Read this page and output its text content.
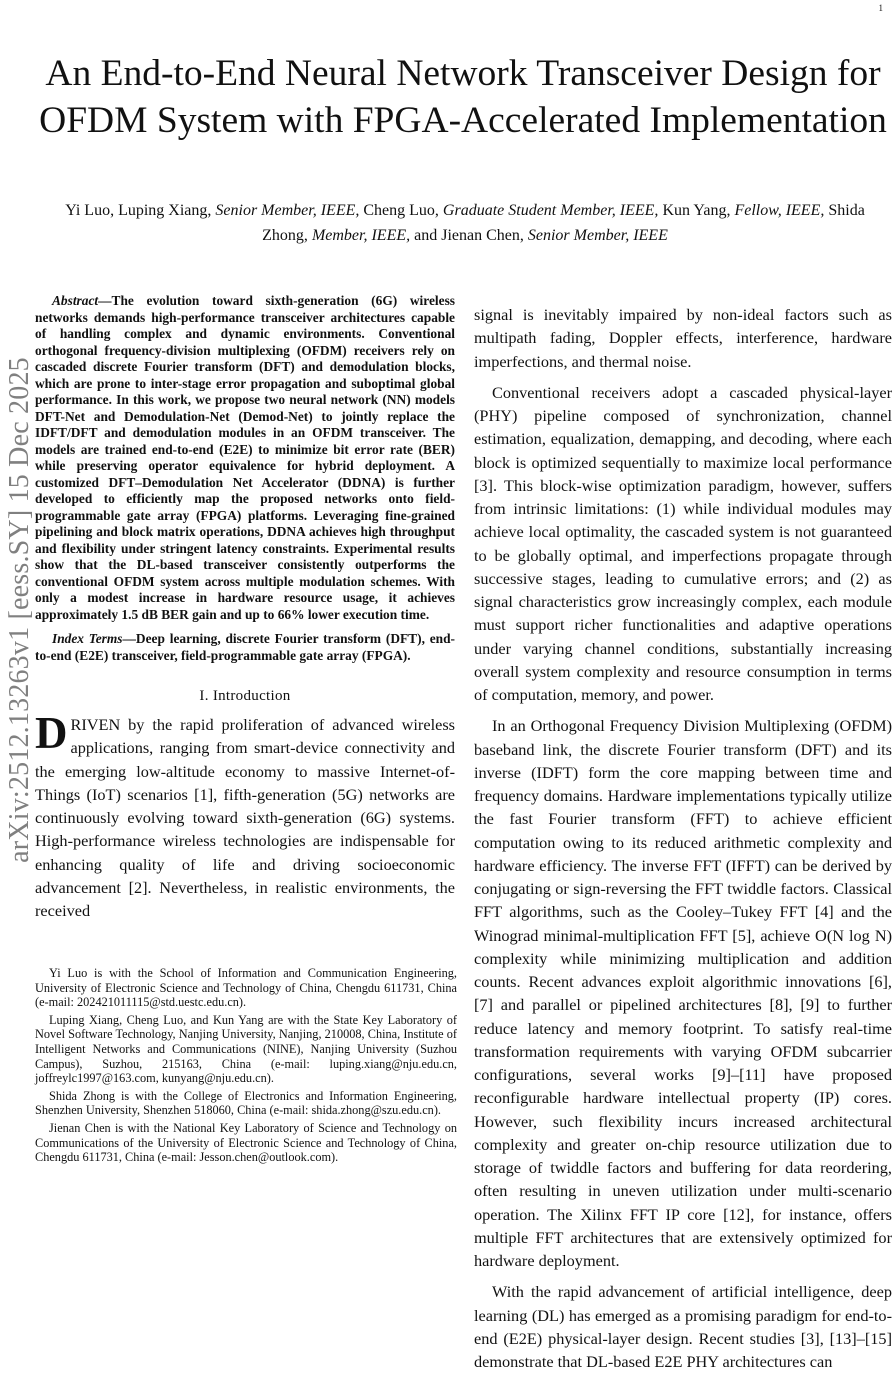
1
arXiv:2512.13263v1 [eess.SY] 15 Dec 2025
An End-to-End Neural Network Transceiver Design for OFDM System with FPGA-Accelerated Implementation
Yi Luo, Luping Xiang, Senior Member, IEEE, Cheng Luo, Graduate Student Member, IEEE, Kun Yang, Fellow, IEEE, Shida Zhong, Member, IEEE, and Jienan Chen, Senior Member, IEEE

Abstract—The evolution toward sixth-generation (6G) wireless networks demands high-performance transceiver architectures capable of handling complex and dynamic environments. Conventional orthogonal frequency-division multiplexing (OFDM) receivers rely on cascaded discrete Fourier transform (DFT) and demodulation blocks, which are prone to inter-stage error propagation and suboptimal global performance. In this work, we propose two neural network (NN) models DFT-Net and Demodulation-Net (Demod-Net) to jointly replace the IDFT/DFT and demodulation modules in an OFDM transceiver. The models are trained end-to-end (E2E) to minimize bit error rate (BER) while preserving operator equivalence for hybrid deployment. A customized DFT–Demodulation Net Accelerator (DDNA) is further developed to efficiently map the proposed networks onto field-programmable gate array (FPGA) platforms. Leveraging fine-grained pipelining and block matrix operations, DDNA achieves high throughput and flexibility under stringent latency constraints. Experimental results show that the DL-based transceiver consistently outperforms the conventional OFDM system across multiple modulation schemes. With only a modest increase in hardware resource usage, it achieves approximately 1.5 dB BER gain and up to 66% lower execution time.

Index Terms—Deep learning, discrete Fourier transform (DFT), end-to-end (E2E) transceiver, field-programmable gate array (FPGA).

I. Introduction

DRIVEN by the rapid proliferation of advanced wireless applications, ranging from smart-device connectivity and the emerging low-altitude economy to massive Internet-of-Things (IoT) scenarios [1], fifth-generation (5G) networks are continuously evolving toward sixth-generation (6G) systems. High-performance wireless technologies are indispensable for enhancing quality of life and driving socioeconomic advancement [2]. Nevertheless, in realistic environments, the received

Yi Luo is with the School of Information and Communication Engineering, University of Electronic Science and Technology of China, Chengdu 611731, China (e-mail: 202421011115@std.uestc.edu.cn).

Luping Xiang, Cheng Luo, and Kun Yang are with the State Key Laboratory of Novel Software Technology, Nanjing University, Nanjing, 210008, China, Institute of Intelligent Networks and Communications (NINE), Nanjing University (Suzhou Campus), Suzhou, 215163, China (e-mail: luping.xiang@nju.edu.cn, joffreylc1997@163.com, kunyang@nju.edu.cn).

Shida Zhong is with the College of Electronics and Information Engineering, Shenzhen University, Shenzhen 518060, China (e-mail: shida.zhong@szu.edu.cn).

Jienan Chen is with the National Key Laboratory of Science and Technology on Communications of the University of Electronic Science and Technology of China, Chengdu 611731, China (e-mail: Jesson.chen@outlook.com).

signal is inevitably impaired by non-ideal factors such as multipath fading, Doppler effects, interference, hardware imperfections, and thermal noise.

Conventional receivers adopt a cascaded physical-layer (PHY) pipeline composed of synchronization, channel estimation, equalization, demapping, and decoding, where each block is optimized sequentially to maximize local performance [3]. This block-wise optimization paradigm, however, suffers from intrinsic limitations: (1) while individual modules may achieve local optimality, the cascaded system is not guaranteed to be globally optimal, and imperfections propagate through successive stages, leading to cumulative errors; and (2) as signal characteristics grow increasingly complex, each module must support richer functionalities and adaptive operations under varying channel conditions, substantially increasing overall system complexity and resource consumption in terms of computation, memory, and power.

In an Orthogonal Frequency Division Multiplexing (OFDM) baseband link, the discrete Fourier transform (DFT) and its inverse (IDFT) form the core mapping between time and frequency domains. Hardware implementations typically utilize the fast Fourier transform (FFT) to achieve efficient computation owing to its reduced arithmetic complexity and hardware efficiency. The inverse FFT (IFFT) can be derived by conjugating or sign-reversing the FFT twiddle factors. Classical FFT algorithms, such as the Cooley–Tukey FFT [4] and the Winograd minimal-multiplication FFT [5], achieve O(N log N) complexity while minimizing multiplication and addition counts. Recent advances exploit algorithmic innovations [6], [7] and parallel or pipelined architectures [8], [9] to further reduce latency and memory footprint. To satisfy real-time transformation requirements with varying OFDM subcarrier configurations, several works [9]–[11] have proposed reconfigurable hardware intellectual property (IP) cores. However, such flexibility incurs increased architectural complexity and greater on-chip resource utilization due to storage of twiddle factors and buffering for data reordering, often resulting in uneven utilization under multi-scenario operation. The Xilinx FFT IP core [12], for instance, offers multiple FFT architectures that are extensively optimized for hardware deployment.

With the rapid advancement of artificial intelligence, deep learning (DL) has emerged as a promising paradigm for end-to-end (E2E) physical-layer design. Recent studies [3], [13]–[15] demonstrate that DL-based E2E PHY architectures can
